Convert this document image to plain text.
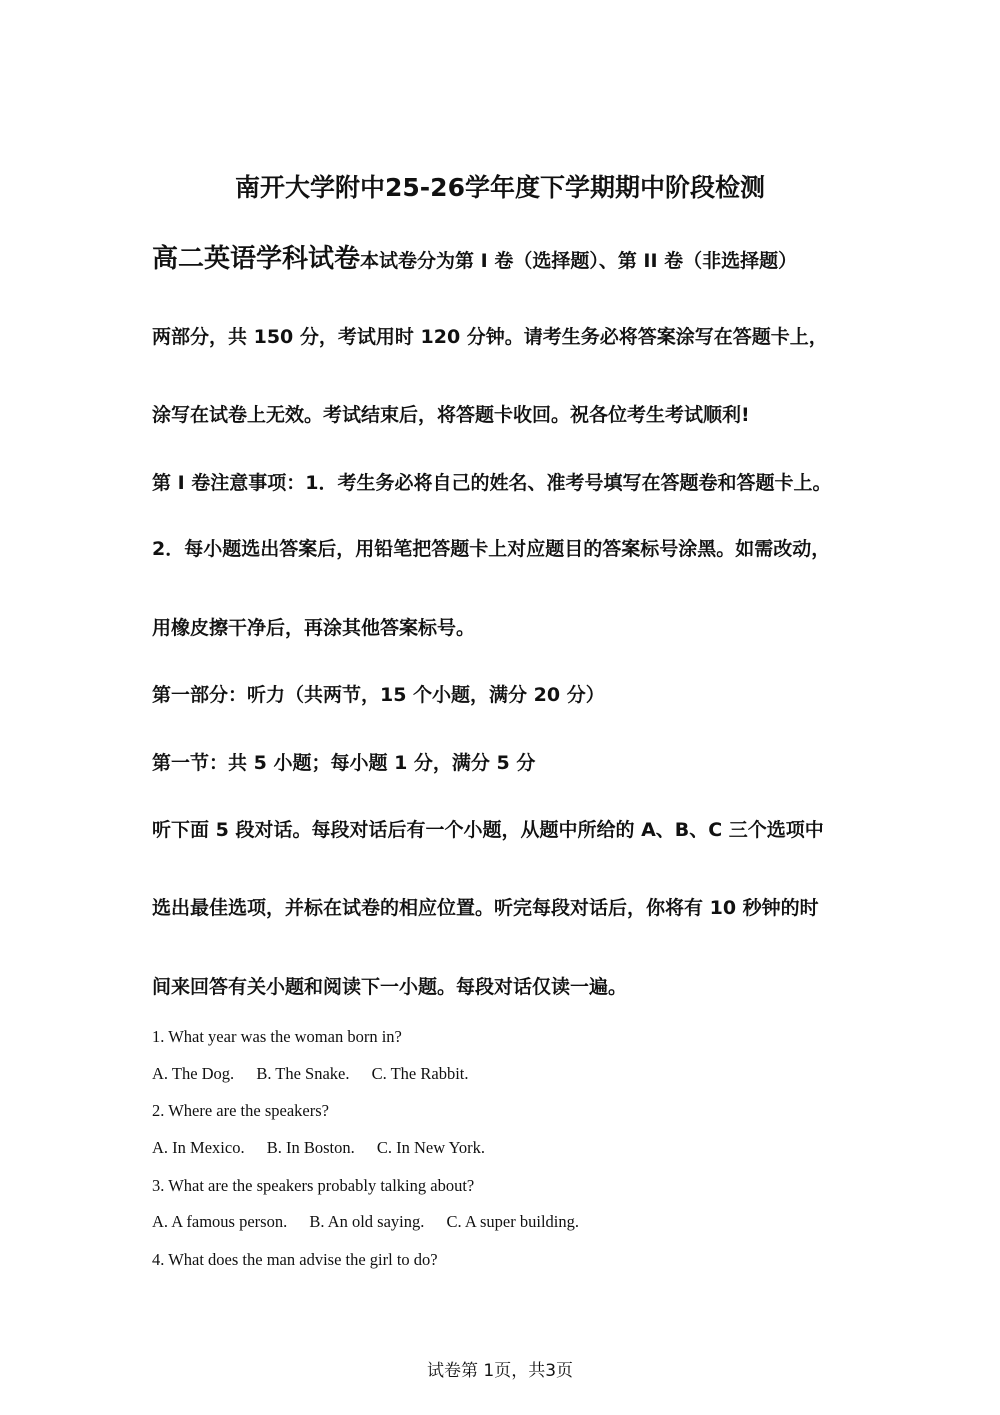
南开大学附中25-26学年度下学期期中阶段检测
高二英语学科试卷本试卷分为第 I 卷（选择题）、第 II 卷（非选择题）
两部分，共 150 分，考试用时 120 分钟。请考生务必将答案涂写在答题卡上，
涂写在试卷上无效。考试结束后，将答题卡收回。祝各位考生考试顺利!
第 I 卷注意事项：1．考生务必将自己的姓名、准考号填写在答题卷和答题卡上。
2．每小题选出答案后，用铅笔把答题卡上对应题目的答案标号涂黑。如需改动，
用橡皮擦干净后，再涂其他答案标号。
第一部分：听力（共两节，15 个小题，满分 20 分）
第一节：共 5 小题；每小题 1 分，满分 5 分
听下面 5 段对话。每段对话后有一个小题，从题中所给的 A、B、C 三个选项中
选出最佳选项，并标在试卷的相应位置。听完每段对话后，你将有 10 秒钟的时
间来回答有关小题和阅读下一小题。每段对话仅读一遍。
1. What year was the woman born in?
A. The Dog. B. The Snake. C. The Rabbit.
2. Where are the speakers?
A. In Mexico. B. In Boston. C. In New York.
3. What are the speakers probably talking about?
A. A famous person. B. An old saying. C. A super building.
4. What does the man advise the girl to do?
试卷第 1页，共3页
